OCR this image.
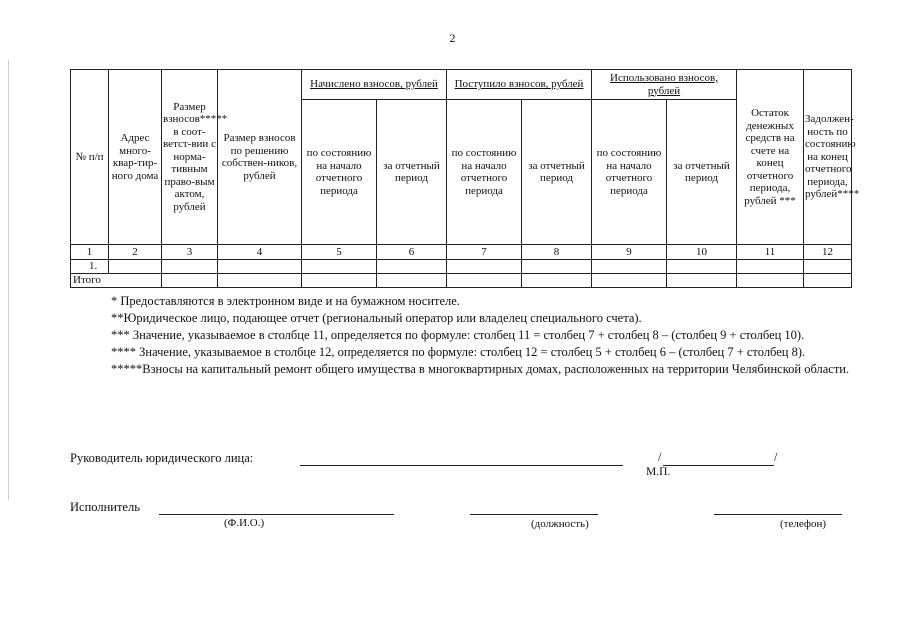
2
№ п/п	Адрес много-квар-тир-ного дома	Размер взносов***** в соот-ветст-вии с норма-тивным право-вым актом, рублей	Размер взносов по решению собствен-ников, рублей	Начислено взносов, рублей		Поступило взносов, рублей		Использовано взносов, рублей		Остаток денежных средств на счете на конец отчетного периода, рублей ***	Задолжен-ность по состоянию на конец отчетного периода, рублей****
				по состоянию на начало отчетного периода	за отчетный период	по состоянию на начало отчетного периода	за отчетный период	по состоянию на начало отчетного периода	за отчетный период		
1	2	3	4	5	6	7	8	9	10	11	12
1.											
Итого											

* Предоставляются в электронном виде и на бумажном носителе.

**Юридическое лицо, подающее отчет (региональный оператор или владелец специального счета).

*** Значение, указываемое в столбце 11, определяется по формуле: столбец 11 = столбец 7 + столбец 8 – (столбец 9 + столбец 10).

**** Значение, указываемое в столбце 12, определяется по формуле: столбец 12 = столбец 5 + столбец 6 – (столбец 7 + столбец 8).

*****Взносы на капитальный ремонт общего имущества в многоквартирных домах, расположенных на территории Челябинской области.

Руководитель юридического лица:	/	/
М.П.
Исполнитель
(Ф.И.О.)	(должность)	(телефон)
